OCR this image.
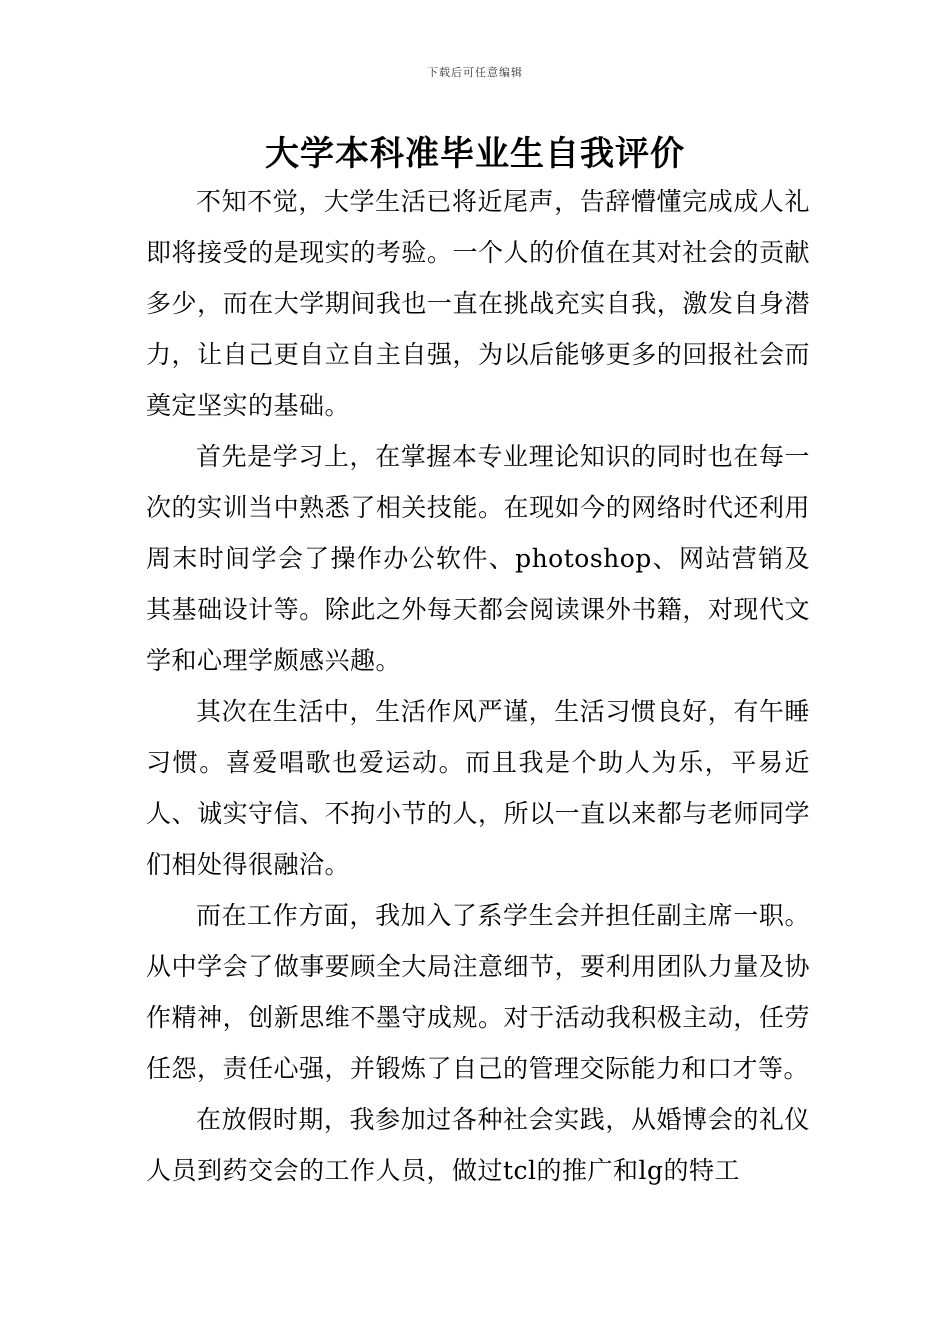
下载后可任意编辑
大学本科准毕业生自我评价

不知不觉，大学生活已将近尾声，告辞懵懂完成成人礼即将接受的是现实的考验。一个人的价值在其对社会的贡献多少，而在大学期间我也一直在挑战充实自我，激发自身潜力，让自己更自立自主自强，为以后能够更多的回报社会而奠定坚实的基础。

首先是学习上，在掌握本专业理论知识的同时也在每一次的实训当中熟悉了相关技能。在现如今的网络时代还利用周末时间学会了操作办公软件、photoshop、网站营销及其基础设计等。除此之外每天都会阅读课外书籍，对现代文学和心理学颇感兴趣。

其次在生活中，生活作风严谨，生活习惯良好，有午睡习惯。喜爱唱歌也爱运动。而且我是个助人为乐，平易近人、诚实守信、不拘小节的人，所以一直以来都与老师同学们相处得很融洽。

而在工作方面，我加入了系学生会并担任副主席一职。从中学会了做事要顾全大局注意细节，要利用团队力量及协作精神，创新思维不墨守成规。对于活动我积极主动，任劳任怨，责任心强，并锻炼了自己的管理交际能力和口才等。

在放假时期，我参加过各种社会实践，从婚博会的礼仪人员到药交会的工作人员，做过tcl的推广和lg的特工
